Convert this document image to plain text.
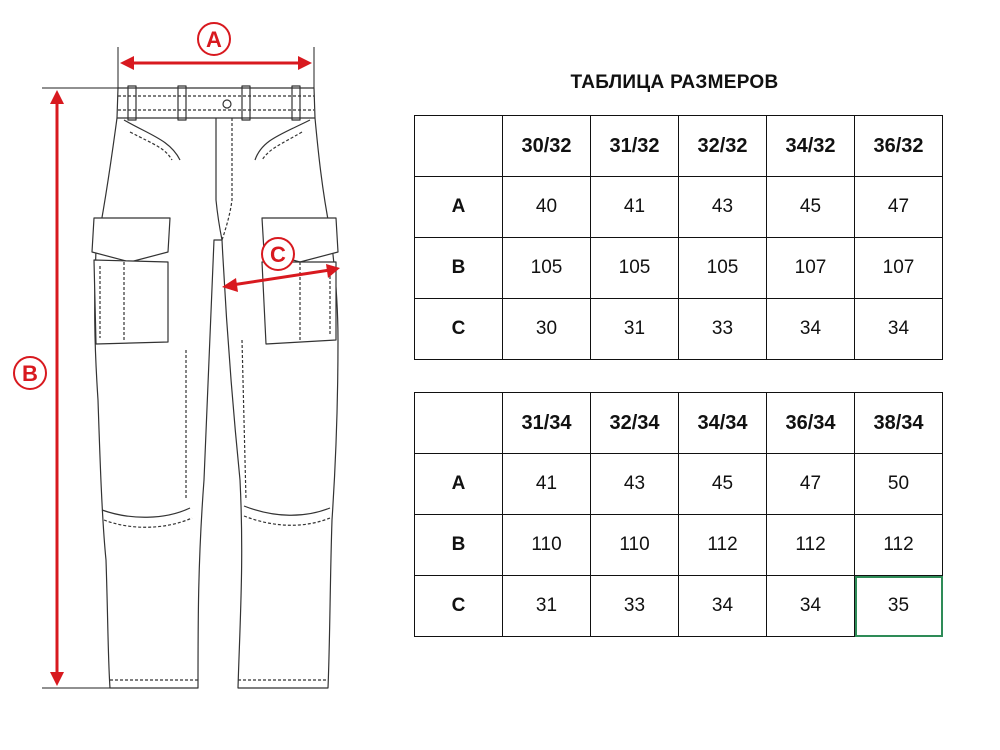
A
B
C
ТАБЛИЦА РАЗМЕРОВ
	30/32	31/32	32/32	34/32	36/32
A	40	41	43	45	47
B	105	105	105	107	107
C	30	31	33	34	34
	31/34	32/34	34/34	36/34	38/34
A	41	43	45	47	50
B	110	110	112	112	112
C	31	33	34	34	35
